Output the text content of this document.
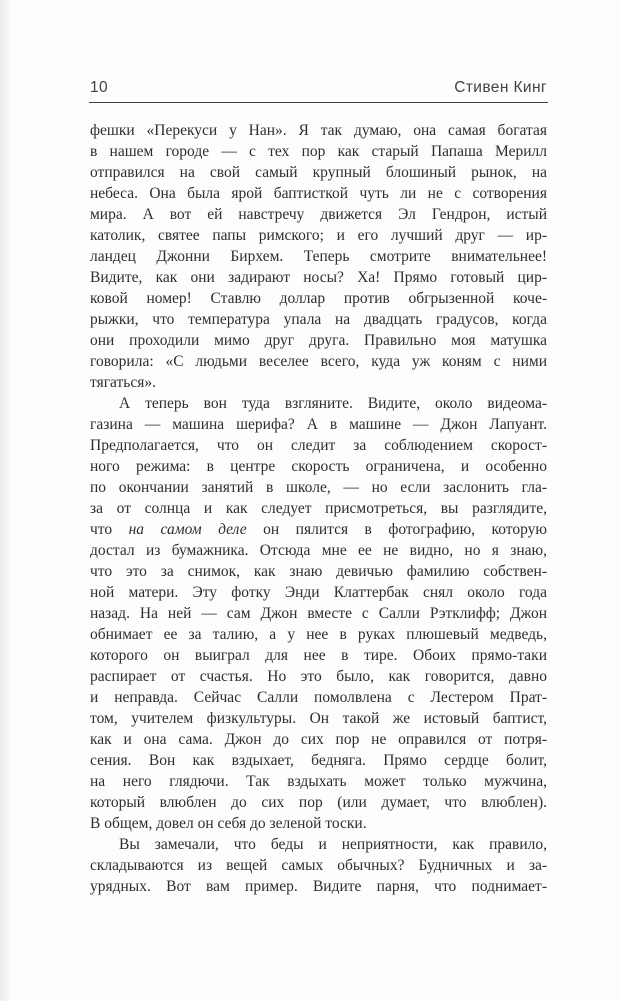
10	Стивен Кинг
фешки «Перекуси у Нан». Я так думаю, она самая богатая
в нашем городе — с тех пор как старый Папаша Мерилл
отправился на свой самый крупный блошиный рынок, на
небеса. Она была ярой баптисткой чуть ли не с сотворения
мира. А вот ей навстречу движется Эл Гендрон, истый
католик, святее папы римского; и его лучший друг — ир-
ландец Джонни Бирхем. Теперь смотрите внимательнее!
Видите, как они задирают носы? Ха! Прямо готовый цир-
ковой номер! Ставлю доллар против обгрызенной коче-
рыжки, что температура упала на двадцать градусов, когда
они проходили мимо друг друга. Правильно моя матушка
говорила: «С людьми веселее всего, куда уж коням с ними
тягаться».
А теперь вон туда взгляните. Видите, около видеома-
газина — машина шерифа? А в машине — Джон Лапуант.
Предполагается, что он следит за соблюдением скорост-
ного режима: в центре скорость ограничена, и особенно
по окончании занятий в школе, — но если заслонить гла-
за от солнца и как следует присмотреться, вы разглядите,
что на самом деле он пялится в фотографию, которую
достал из бумажника. Отсюда мне ее не видно, но я знаю,
что это за снимок, как знаю девичью фамилию собствен-
ной матери. Эту фотку Энди Клаттербак снял около года
назад. На ней — сам Джон вместе с Салли Рэтклифф; Джон
обнимает ее за талию, а у нее в руках плюшевый медведь,
которого он выиграл для нее в тире. Обоих прямо-таки
распирает от счастья. Но это было, как говорится, давно
и неправда. Сейчас Салли помолвлена с Лестером Прат-
том, учителем физкультуры. Он такой же истовый баптист,
как и она сама. Джон до сих пор не оправился от потря-
сения. Вон как вздыхает, бедняга. Прямо сердце болит,
на него глядючи. Так вздыхать может только мужчина,
который влюблен до сих пор (или думает, что влюблен).
В общем, довел он себя до зеленой тоски.
Вы замечали, что беды и неприятности, как правило,
складываются из вещей самых обычных? Будничных и за-
урядных. Вот вам пример. Видите парня, что поднимает-
